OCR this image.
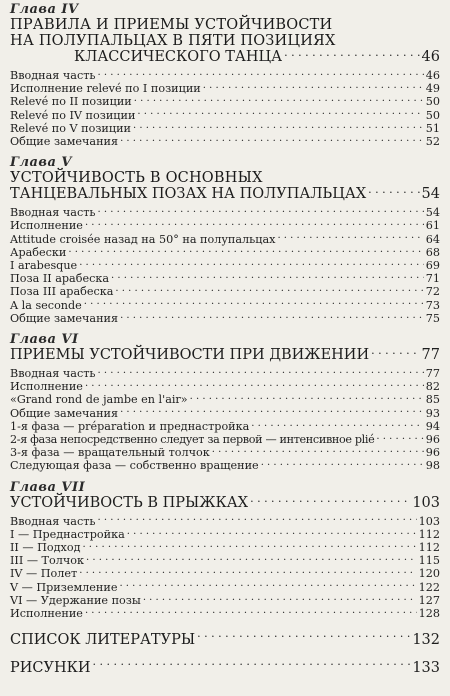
Глава IV
ПРАВИЛА И ПРИЕМЫ УСТОЙЧИВОСТИ
НА ПОЛУПАЛЬЦАХ В ПЯТИ ПОЗИЦИЯХ
КЛАССИЧЕСКОГО ТАНЦА . . .	46
Вводная часть . . .	46
Исполнение relevé по I позиции . . .	49
Relevé по II позиции . . .	50
Relevé по IV позиции . . .	50
Relevé по V позиции . . .	51
Общие замечания . . .	52
Глава V
УСТОЙЧИВОСТЬ В ОСНОВНЫХ
ТАНЦЕВАЛЬНЫХ ПОЗАХ НА ПОЛУПАЛЬЦАХ . . .	54
Вводная часть . . .	54
Исполнение . . .	61
Attitude croisée назад на 50° на полупальцах . . .	64
Арабески . . .	68
I arabesque . . .	69
Поза II арабеска . . .	71
Поза III арабеска . . .	72
A la seconde . . .	73
Общие замечания . . .	75
Глава VI
ПРИЕМЫ УСТОЙЧИВОСТИ ПРИ ДВИЖЕНИИ . . .	77
Вводная часть . . .	77
Исполнение . . .	82
«Grand rond de jambe en l'air» . . .	85
Общие замечания . . .	93
1-я фаза — préparation и преднастройка . . .	94
2-я фаза непосредственно следует за первой — интенсивное plié . . .	96
3-я фаза — вращательный толчок . . .	96
Следующая фаза — собственно вращение . . .	98
Глава VII
УСТОЙЧИВОСТЬ В ПРЫЖКАХ . . .	103
Вводная часть . . .	103
I — Преднастройка . . .	112
II — Подход . . .	112
III — Толчок . . .	115
IV — Полет . . .	120
V — Приземление . . .	122
VI — Удержание позы . . .	127
Исполнение . . .	128
СПИСОК ЛИТЕРАТУРЫ . . .	132
РИСУНКИ . . .	133
